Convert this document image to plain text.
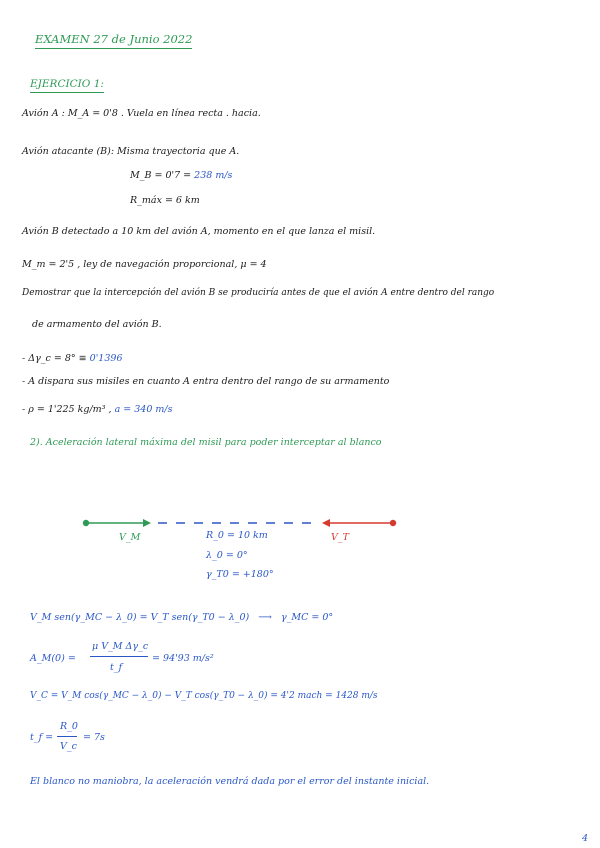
EXAMEN 27 de Junio 2022
EJERCICIO 1:
Avión A : M_A = 0'8 . Vuela en línea recta . hacia.
Avión atacante (B): Misma trayectoria que A.
M_B = 0'7 = 238 m/s
R_máx = 6 km
Avión B detectado a 10 km del avión A, momento en el que lanza el misil.
M_m = 2'5 , ley de navegación proporcional, μ = 4
Demostrar que la intercepción del avión B se produciría antes de que el avión A entre dentro del rango
de armamento del avión B.
- Δγ_c = 8° ≡ 0'1396
- A dispara sus misiles en cuanto A entra dentro del rango de su armamento
- ρ = 1'225 kg/m³ , a = 340 m/s
2). Aceleración lateral máxima del misil para poder interceptar al blanco
V_M	V_T
R_0 = 10 km
λ_0 = 0°
γ_T0 = +180°
V_M sen(γ_MC − λ_0) = V_T sen(γ_T0 − λ_0) ⟶ γ_MC = 0°
A_M(0) =
μ V_M Δγ_c
t_f
= 94'93 m/s²
V_C = V_M cos(γ_MC − λ_0) − V_T cos(γ_T0 − λ_0) = 4'2 mach = 1428 m/s
t_f =
R_0
V_c
= 7s
El blanco no maniobra, la aceleración vendrá dada por el error del instante inicial.
4
